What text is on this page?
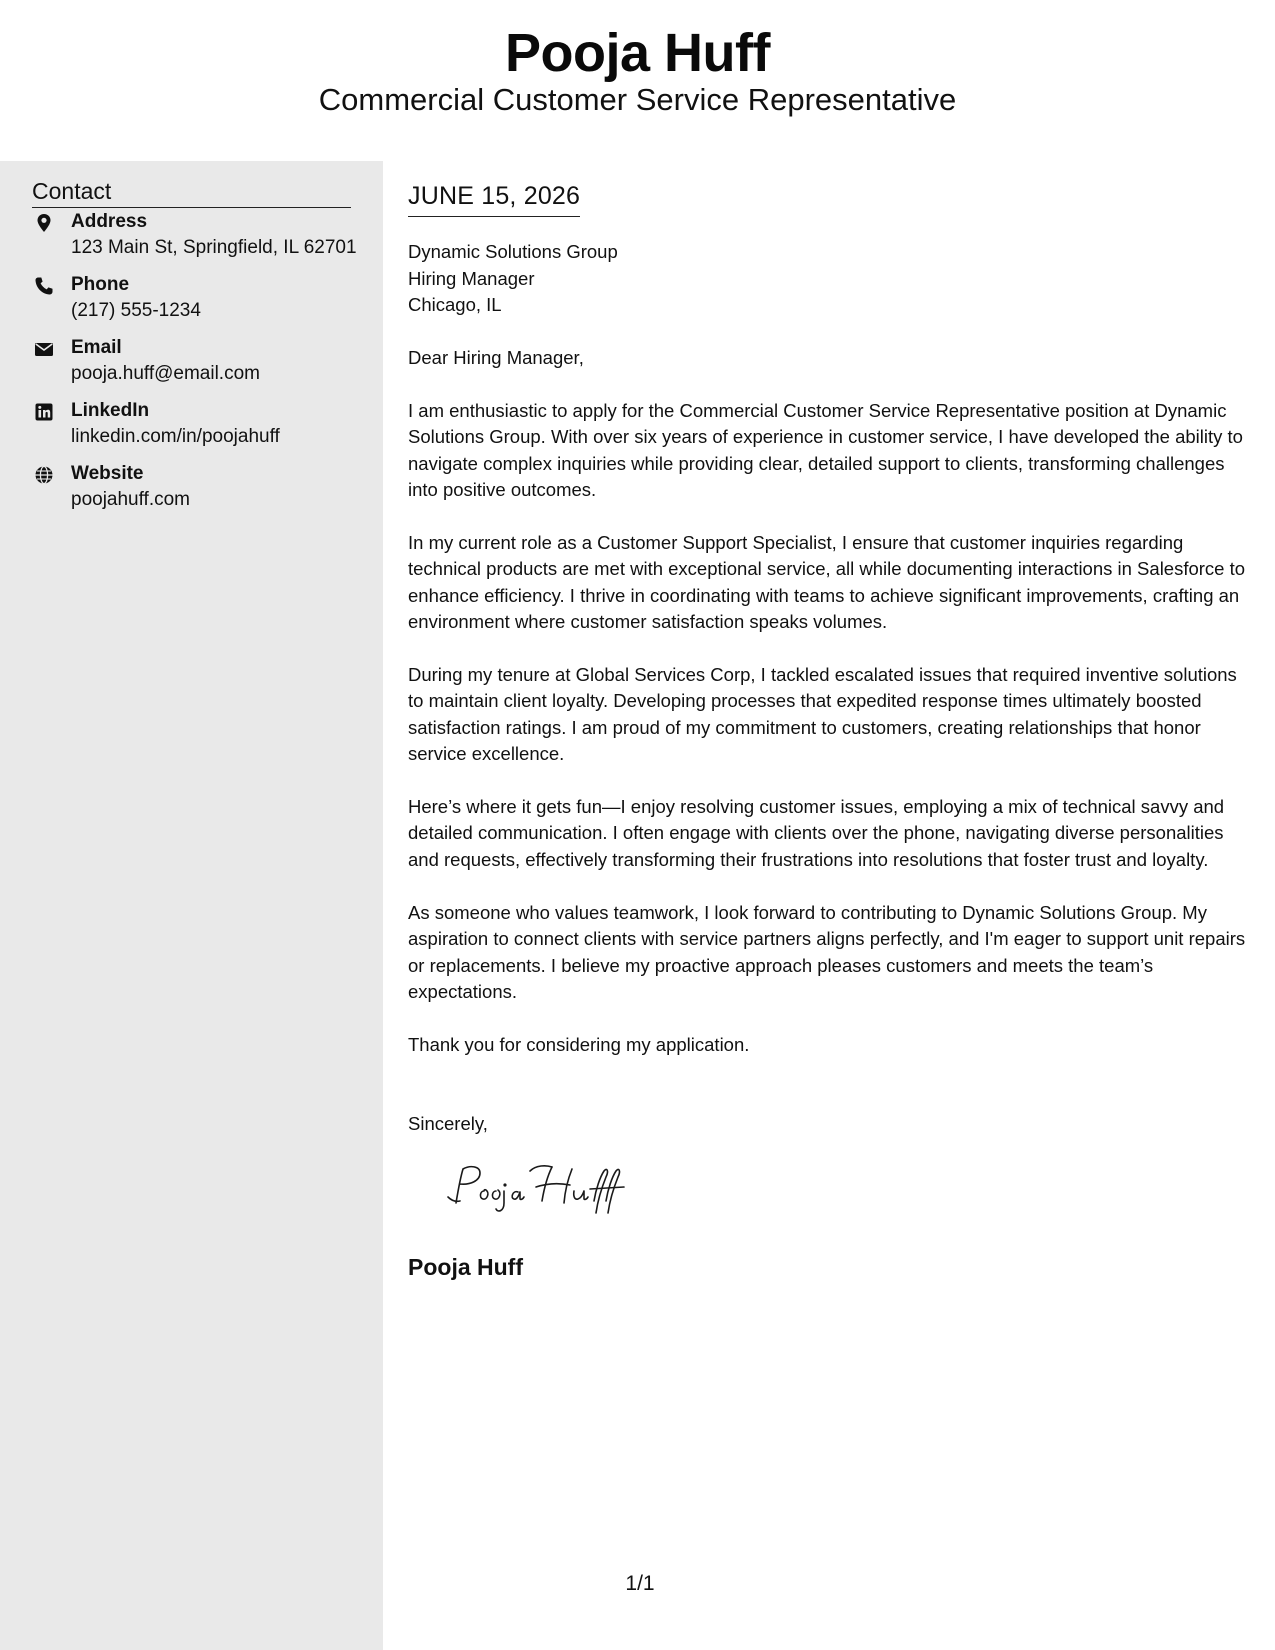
Pooja Huff
Commercial Customer Service Representative
Contact
Address
123 Main St, Springfield, IL 62701
Phone
(217) 555-1234
Email
pooja.huff@email.com
LinkedIn
linkedin.com/in/poojahuff
Website
poojahuff.com
JUNE 15, 2026
Dynamic Solutions Group
Hiring Manager
Chicago, IL
Dear Hiring Manager,
I am enthusiastic to apply for the Commercial Customer Service Representative position at Dynamic Solutions Group. With over six years of experience in customer service, I have developed the ability to navigate complex inquiries while providing clear, detailed support to clients, transforming challenges into positive outcomes.
In my current role as a Customer Support Specialist, I ensure that customer inquiries regarding technical products are met with exceptional service, all while documenting interactions in Salesforce to enhance efficiency. I thrive in coordinating with teams to achieve significant improvements, crafting an environment where customer satisfaction speaks volumes.
During my tenure at Global Services Corp, I tackled escalated issues that required inventive solutions to maintain client loyalty. Developing processes that expedited response times ultimately boosted satisfaction ratings. I am proud of my commitment to customers, creating relationships that honor service excellence.
Here’s where it gets fun—I enjoy resolving customer issues, employing a mix of technical savvy and detailed communication. I often engage with clients over the phone, navigating diverse personalities and requests, effectively transforming their frustrations into resolutions that foster trust and loyalty.
As someone who values teamwork, I look forward to contributing to Dynamic Solutions Group. My aspiration to connect clients with service partners aligns perfectly, and I'm eager to support unit repairs or replacements. I believe my proactive approach pleases customers and meets the team’s expectations.
Thank you for considering my application.
Sincerely,
Pooja Huff
1/1
